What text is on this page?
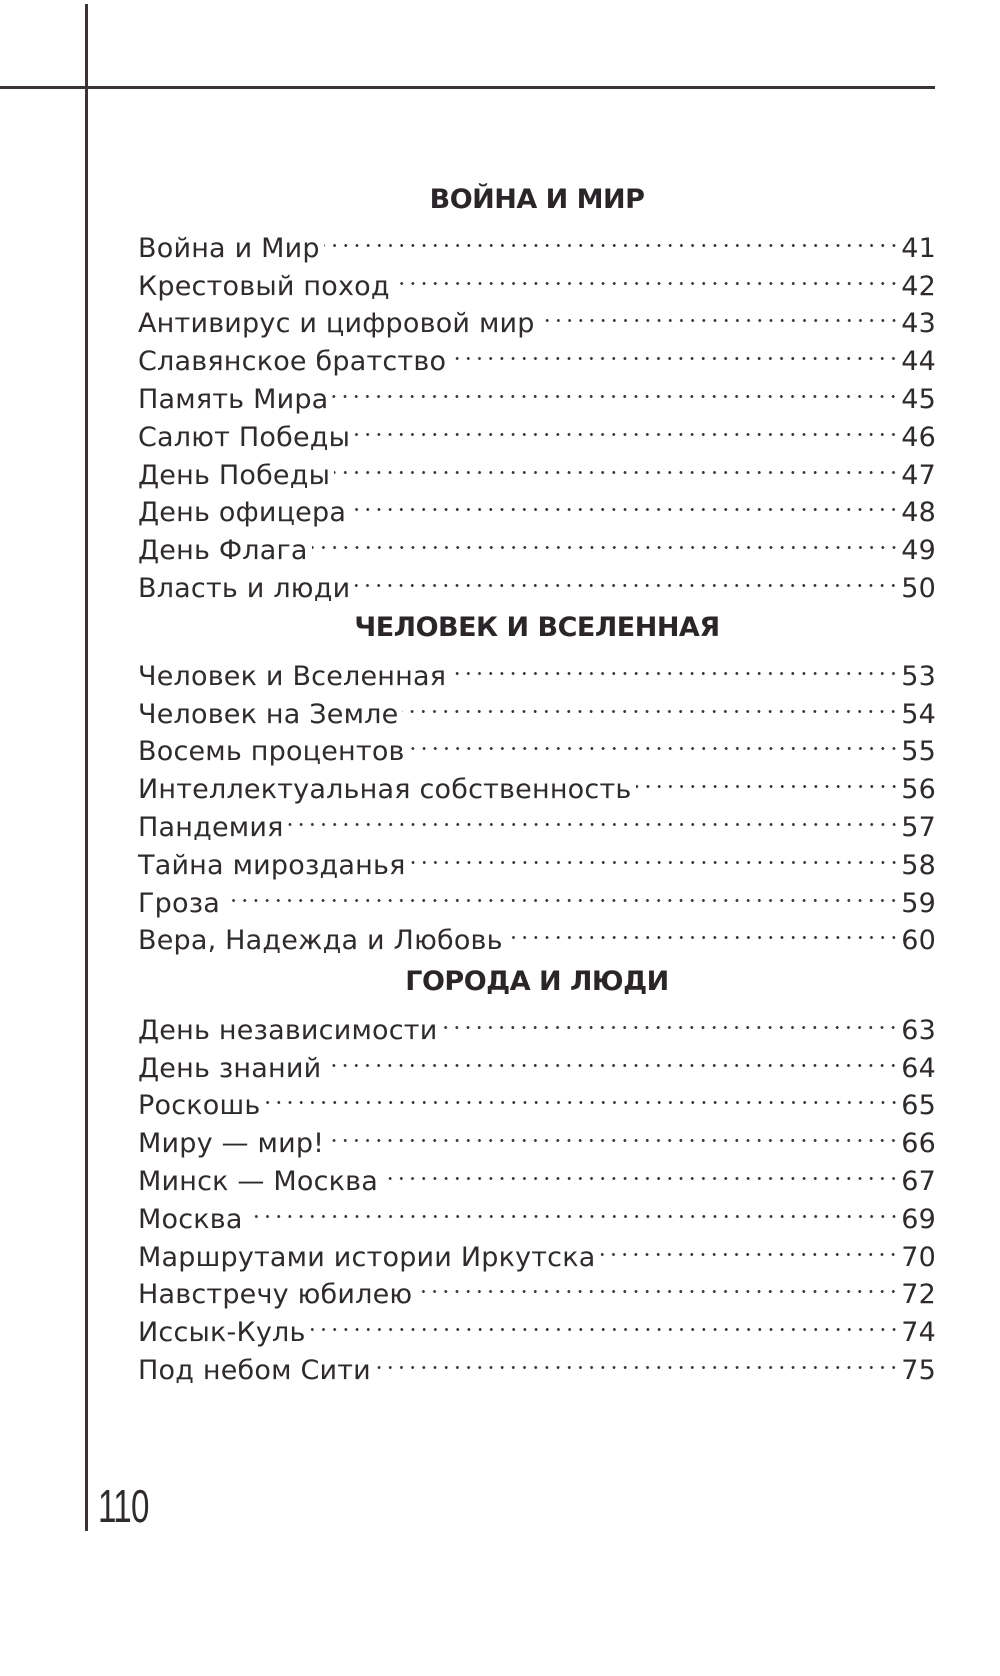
ВОЙНА И МИР
Война и Мир	41
Крестовый поход	42
Антивирус и цифровой мир	43
Славянское братство	44
Память Мира	45
Салют Победы	46
День Победы	47
День офицера	48
День Флага	49
Власть и люди	50
ЧЕЛОВЕК И ВСЕЛЕННАЯ
Человек и Вселенная	53
Человек на Земле	54
Восемь процентов	55
Интеллектуальная собственность	56
Пандемия	57
Тайна мирозданья	58
Гроза	59
Вера, Надежда и Любовь	60
ГОРОДА И ЛЮДИ
День независимости	63
День знаний	64
Роскошь	65
Миру — мир!	66
Минск — Москва	67
Москва	69
Маршрутами истории Иркутска	70
Навстречу юбилею	72
Иссык-Куль	74
Под небом Сити	75
110
